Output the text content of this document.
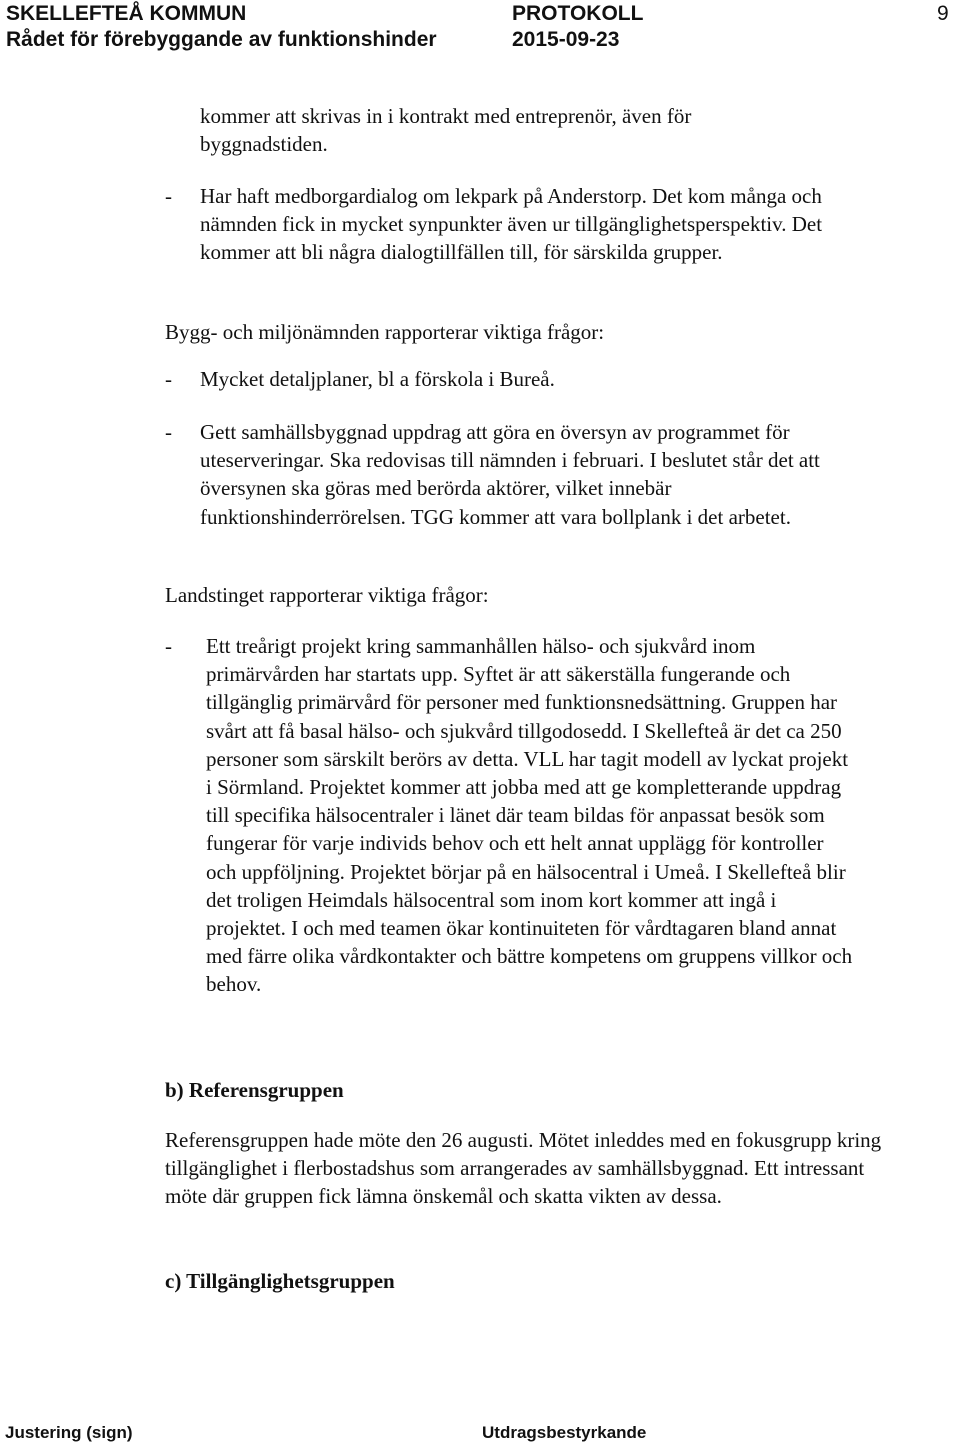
SKELLEFTEÅ KOMMUN
Rådet för förebyggande av funktionshinder
PROTOKOLL
2015-09-23
9
kommer att skrivas in i kontrakt med entreprenör, även för byggnadstiden.
- Har haft medborgardialog om lekpark på Anderstorp. Det kom många och nämnden fick in mycket synpunkter även ur tillgänglighetsperspektiv. Det kommer att bli några dialogtillfällen till, för särskilda grupper.
Bygg- och miljönämnden rapporterar viktiga frågor:
- Mycket detaljplaner, bl a förskola i Bureå.
- Gett samhällsbyggnad uppdrag att göra en översyn av programmet för uteserveringar. Ska redovisas till nämnden i februari. I beslutet står det att översynen ska göras med berörda aktörer, vilket innebär funktionshinderrörelsen. TGG kommer att vara bollplank i det arbetet.
Landstinget rapporterar viktiga frågor:
- Ett treårigt projekt kring sammanhållen hälso- och sjukvård inom primärvården har startats upp. Syftet är att säkerställa fungerande och tillgänglig primärvård för personer med funktionsnedsättning. Gruppen har svårt att få basal hälso- och sjukvård tillgodosedd. I Skellefteå är det ca 250 personer som särskilt berörs av detta. VLL har tagit modell av lyckat projekt i Sörmland. Projektet kommer att jobba med att ge kompletterande uppdrag till specifika hälsocentraler i länet där team bildas för anpassat besök som fungerar för varje individs behov och ett helt annat upplägg för kontroller och uppföljning. Projektet börjar på en hälsocentral i Umeå. I Skellefteå blir det troligen Heimdals hälsocentral som inom kort kommer att ingå i projektet. I och med teamen ökar kontinuiteten för vårdtagaren bland annat med färre olika vårdkontakter och bättre kompetens om gruppens villkor och behov.
b) Referensgruppen
Referensgruppen hade möte den 26 augusti. Mötet inleddes med en fokusgrupp kring tillgänglighet i flerbostadshus som arrangerades av samhällsbyggnad. Ett intressant möte där gruppen fick lämna önskemål och skatta vikten av dessa.
c) Tillgänglighetsgruppen
Justering (sign)	Utdragsbestyrkande
